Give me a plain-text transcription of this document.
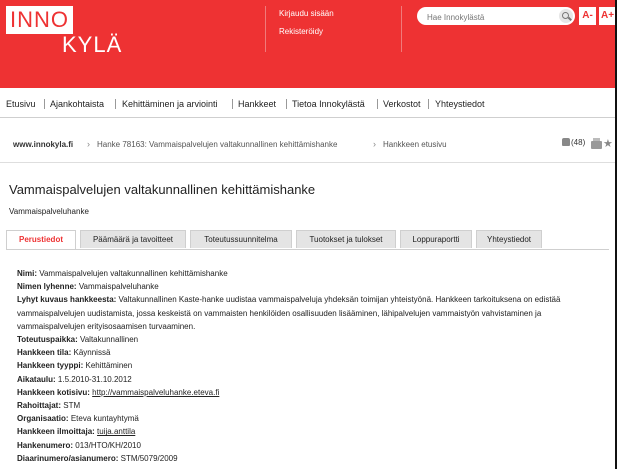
INNO
KYLÄ
Kirjaudu sisään
Rekisteröidy
Hae Innokylästä
A- A+
Etusivu Ajankohtaista Kehittäminen ja arviointi Hankkeet Tietoa Innokylästä Verkostot Yhteystiedot
www.innokyla.fi › Hanke 78163: Vammaispalvelujen valtakunnallinen kehittämishanke	› Hankkeen etusivu	(48) ★
Vammaispalvelujen valtakunnallinen kehittämishanke
Vammaispalveluhanke
Perustiedot	Päämäärä ja tavoitteet	Toteutussuunnitelma	Tuotokset ja tulokset	Loppuraportti	Yhteystiedot
Nimi: Vammaispalvelujen valtakunnallinen kehittämishanke
Nimen lyhenne: Vammaispalveluhanke
Lyhyt kuvaus hankkeesta: Valtakunnallinen Kaste-hanke uudistaa vammaispalveluja yhdeksän toimijan yhteistyönä. Hankkeen tarkoituksena on edistää vammaispalvelujen uudistamista, jossa keskeistä on vammaisten henkilöiden osallisuuden lisääminen, lähipalvelujen vammaistyön vahvistaminen ja vammaispalvelujen erityisosaamisen turvaaminen.
Toteutuspaikka: Valtakunnallinen
Hankkeen tila: Käynnissä
Hankkeen tyyppi: Kehittäminen
Aikataulu: 1.5.2010-31.10.2012
Hankkeen kotisivu: http://vammaispalveluhanke.eteva.fi
Rahoittajat: STM
Organisaatio: Eteva kuntayhtymä
Hankkeen ilmoittaja: tuija.anttila
Hankenumero: 013/HTO/KH/2010
Diaarinumero/asianumero: STM/5079/2009
